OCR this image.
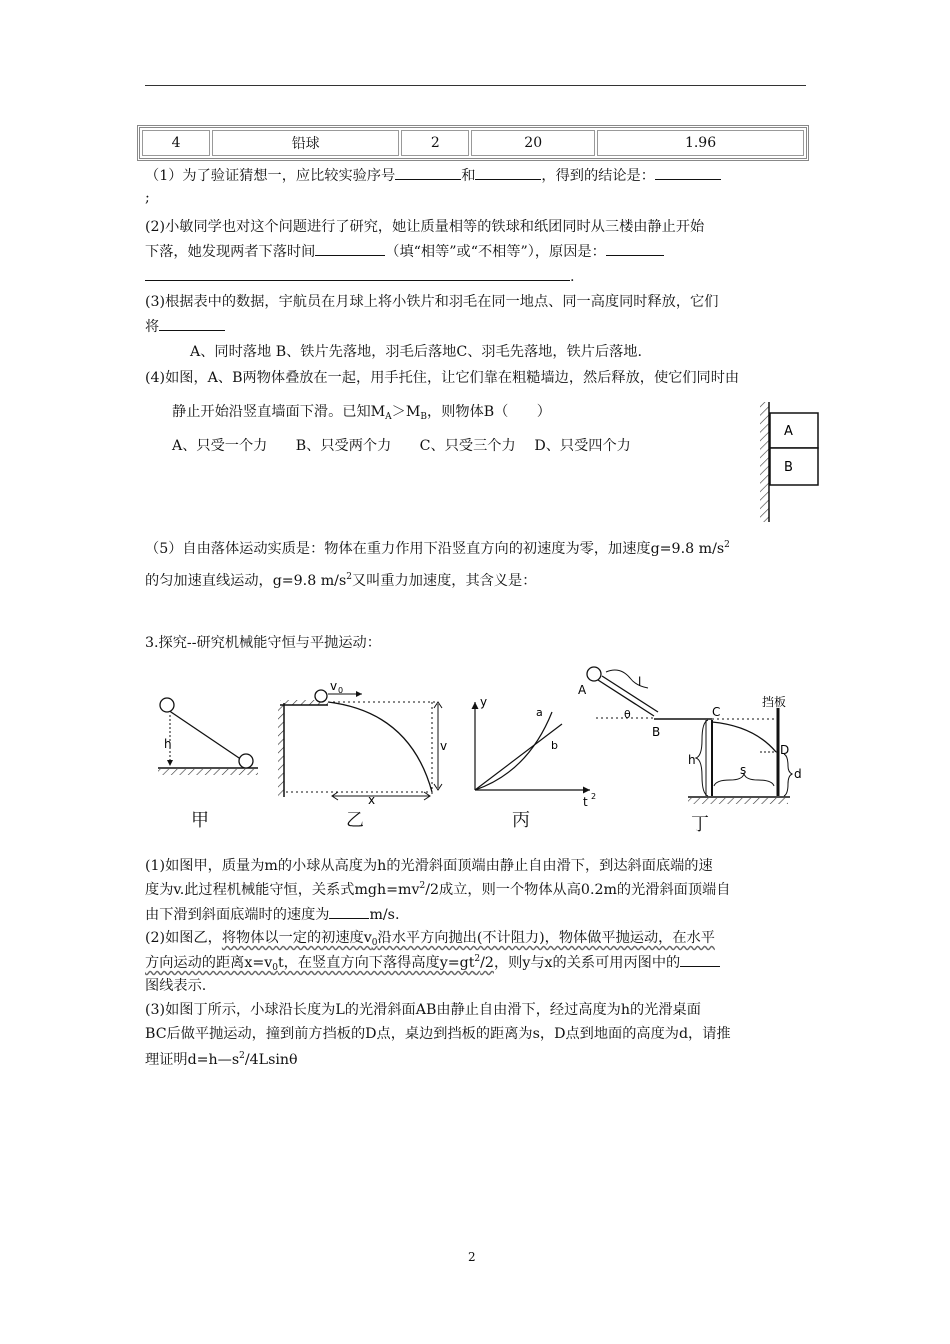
4	铅球	2	20	1.96
（1）为了验证猜想一，应比较实验序号	和	，得到的结论是：
;
(2)小敏同学也对这个问题进行了研究，她让质量相等的铁球和纸团同时从三楼由静止开始
下落，她发现两者下落时间	（填“相等”或“不相等”），原因是：
.
(3)根据表中的数据，宇航员在月球上将小铁片和羽毛在同一地点、同一高度同时释放，它们
将
A、同时落地 B、铁片先落地，羽毛后落地C、羽毛先落地，铁片后落地.
(4)如图，A、B两物体叠放在一起，用手托住，让它们靠在粗糙墙边，然后释放，使它们同时由
静止开始沿竖直墙面下滑。已知$M_A>M_B$，则物体B（　　）
A、只受一个力　　B、只受两个力　　C、只受三个力　 D、只受四个力
A
B
（5）自由落体运动实质是：物体在重力作用下沿竖直方向的初速度为零，加速度g=9.8 $m/s^2$
的匀加速直线运动，g=9.8 $m/s^2$又叫重力加速度，其含义是：
3.探究--研究机械能守恒与平抛运动：
h
v 0
v
x
y
a
b
t 2
A
l
θ
B
C
挡板
D
h
s	d
甲	乙	丙	丁
(1)如图甲，质量为m的小球从高度为h的光滑斜面顶端由静止自由滑下，到达斜面底端的速
度为v.此过程机械能守恒，关系式$mgh=mv^2/2$成立，则一个物体从高0.2m的光滑斜面顶端自
由下滑到斜面底端时的速度为	m/s.
(2)如图乙，将物体以一定的初速度$v_0$沿水平方向抛出(不计阻力)，物体做平抛运动，在水平
方向运动的距离$x=v_0t$，在竖直方向下落得高度$y=gt^2/2$，则y与x的关系可用丙图中的
图线表示.
(3)如图丁所示，小球沿长度为L的光滑斜面AB由静止自由滑下，经过高度为h的光滑桌面
BC后做平抛运动，撞到前方挡板的D点，桌边到挡板的距离为s，D点到地面的高度为d，请推
理证明$d=h—s^2/4Lsin\theta$
2
